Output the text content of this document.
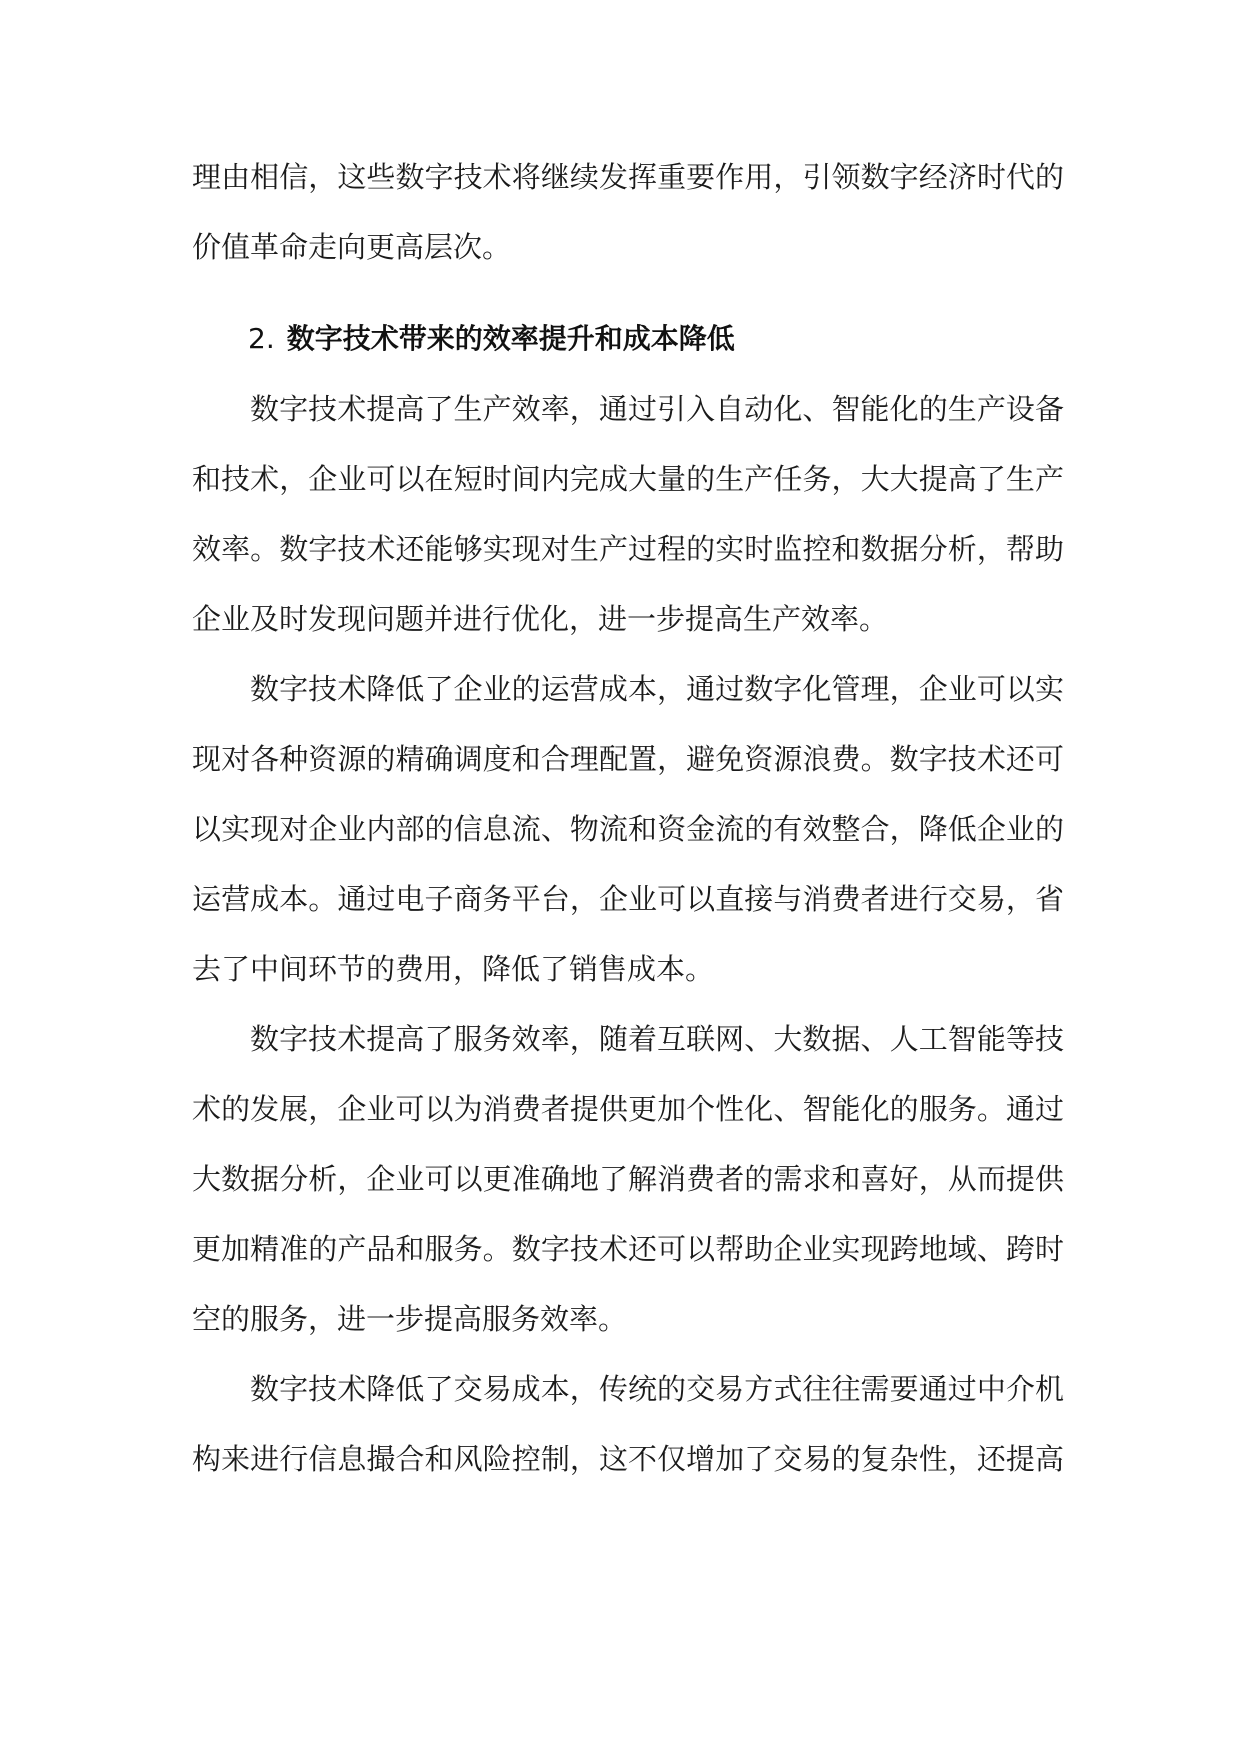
理由相信，这些数字技术将继续发挥重要作用，引领数字经济时代的
价值革命走向更高层次。
2. 数字技术带来的效率提升和成本降低
数字技术提高了生产效率，通过引入自动化、智能化的生产设备
和技术，企业可以在短时间内完成大量的生产任务，大大提高了生产
效率。数字技术还能够实现对生产过程的实时监控和数据分析，帮助
企业及时发现问题并进行优化，进一步提高生产效率。
数字技术降低了企业的运营成本，通过数字化管理，企业可以实
现对各种资源的精确调度和合理配置，避免资源浪费。数字技术还可
以实现对企业内部的信息流、物流和资金流的有效整合，降低企业的
运营成本。通过电子商务平台，企业可以直接与消费者进行交易，省
去了中间环节的费用，降低了销售成本。
数字技术提高了服务效率，随着互联网、大数据、人工智能等技
术的发展，企业可以为消费者提供更加个性化、智能化的服务。通过
大数据分析，企业可以更准确地了解消费者的需求和喜好，从而提供
更加精准的产品和服务。数字技术还可以帮助企业实现跨地域、跨时
空的服务，进一步提高服务效率。
数字技术降低了交易成本，传统的交易方式往往需要通过中介机
构来进行信息撮合和风险控制，这不仅增加了交易的复杂性，还提高
